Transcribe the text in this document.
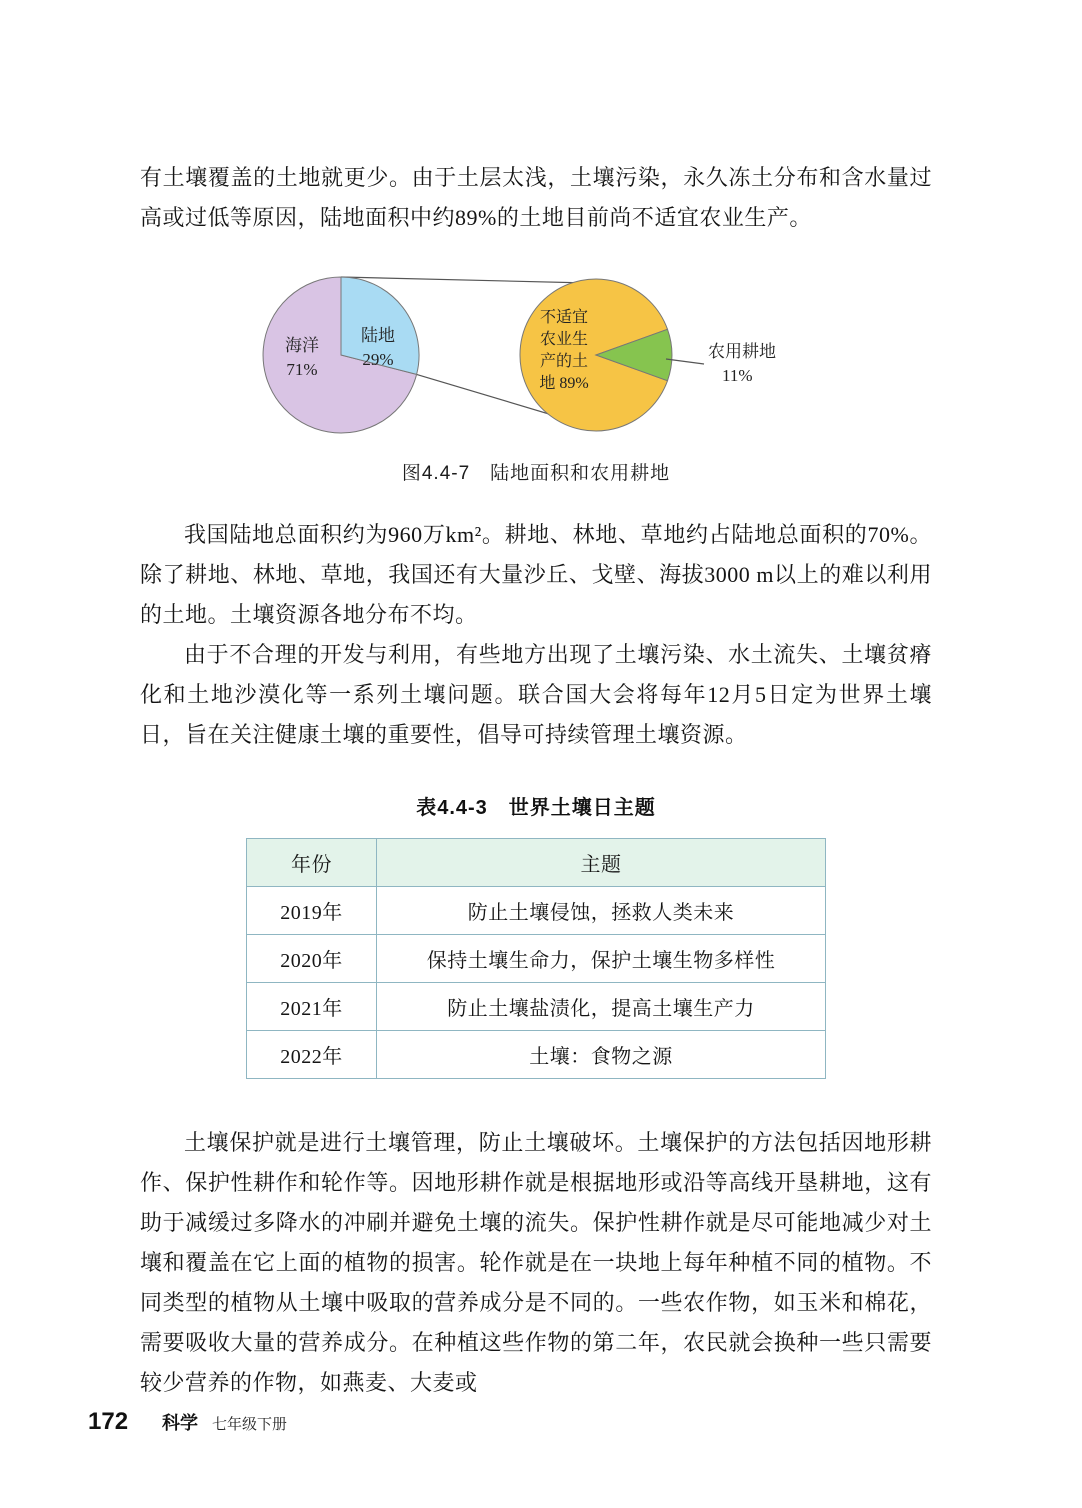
有土壤覆盖的土地就更少。由于土层太浅，土壤污染，永久冻土分布和含水量过高或过低等原因，陆地面积中约89%的土地目前尚不适宜农业生产。

海洋
71%
陆地
29%
不适宜
农业生
产的土
地 89%
农用耕地
11%
图4.4-7　陆地面积和农用耕地

我国陆地总面积约为960万km²。耕地、林地、草地约占陆地总面积的70%。除了耕地、林地、草地，我国还有大量沙丘、戈壁、海拔3000 m以上的难以利用的土地。土壤资源各地分布不均。

由于不合理的开发与利用，有些地方出现了土壤污染、水土流失、土壤贫瘠化和土地沙漠化等一系列土壤问题。联合国大会将每年12月5日定为世界土壤日，旨在关注健康土壤的重要性，倡导可持续管理土壤资源。

表4.4-3　世界土壤日主题
年份	主题
2019年	防止土壤侵蚀，拯救人类未来
2020年	保持土壤生命力，保护土壤生物多样性
2021年	防止土壤盐渍化，提高土壤生产力
2022年	土壤：食物之源

土壤保护就是进行土壤管理，防止土壤破坏。土壤保护的方法包括因地形耕作、保护性耕作和轮作等。因地形耕作就是根据地形或沿等高线开垦耕地，这有助于减缓过多降水的冲刷并避免土壤的流失。保护性耕作就是尽可能地减少对土壤和覆盖在它上面的植物的损害。轮作就是在一块地上每年种植不同的植物。不同类型的植物从土壤中吸取的营养成分是不同的。一些农作物，如玉米和棉花，需要吸收大量的营养成分。在种植这些作物的第二年，农民就会换种一些只需要较少营养的作物，如燕麦、大麦或

172 科学 七年级下册
